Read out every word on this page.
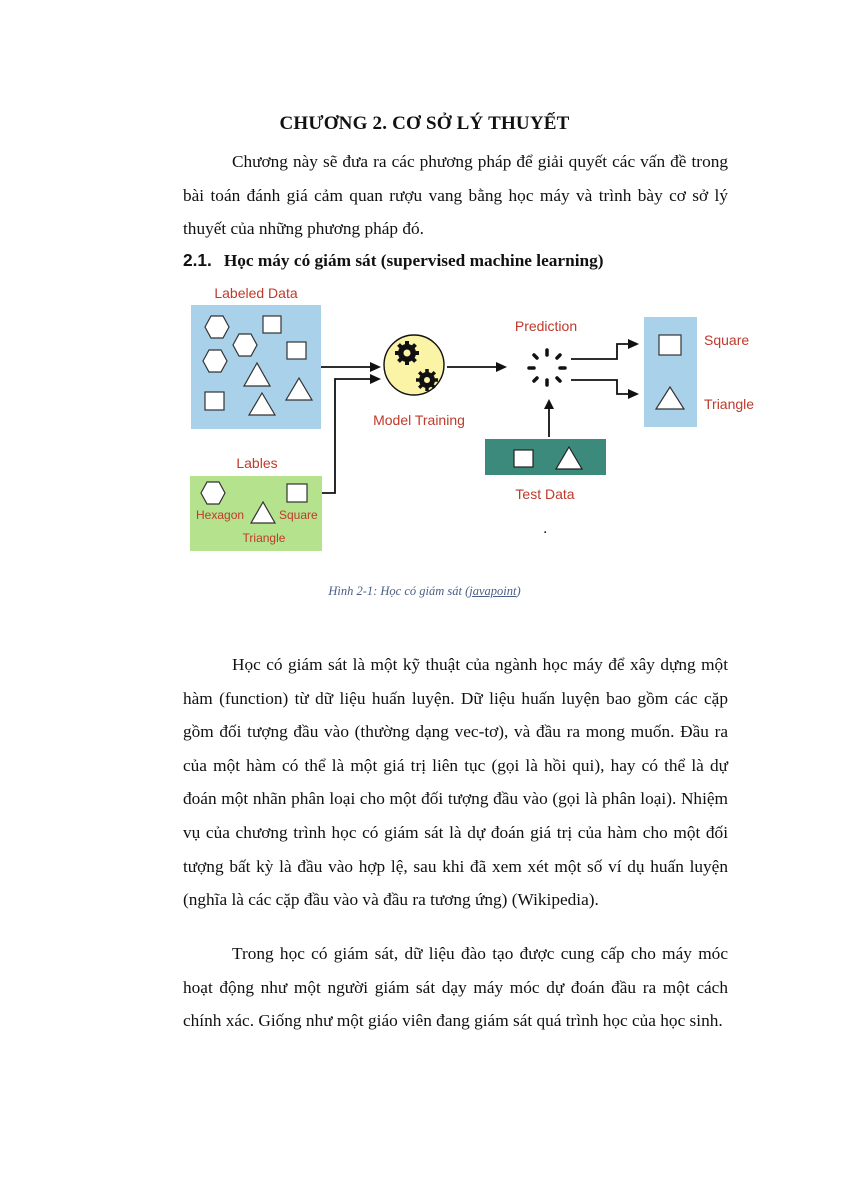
CHƯƠNG 2. CƠ SỞ LÝ THUYẾT

Chương này sẽ đưa ra các phương pháp để giải quyết các vấn đề trong bài toán đánh giá cảm quan rượu vang bằng học máy và trình bày cơ sở lý thuyết của những phương pháp đó.

2.1. Học máy có giám sát (supervised machine learning)
Labeled Data
Lables
Hexagon	Square
Triangle
Model Training
Prediction
Square
Triangle
Test Data
.
Hình 2-1: Học có giám sát (javapoint)

Học có giám sát là một kỹ thuật của ngành học máy để xây dựng một hàm (function) từ dữ liệu huấn luyện. Dữ liệu huấn luyện bao gồm các cặp gồm đối tượng đầu vào (thường dạng vec-tơ), và đầu ra mong muốn. Đầu ra của một hàm có thể là một giá trị liên tục (gọi là hồi qui), hay có thể là dự đoán một nhãn phân loại cho một đối tượng đầu vào (gọi là phân loại). Nhiệm vụ của chương trình học có giám sát là dự đoán giá trị của hàm cho một đối tượng bất kỳ là đầu vào hợp lệ, sau khi đã xem xét một số ví dụ huấn luyện (nghĩa là các cặp đầu vào và đầu ra tương ứng) (Wikipedia).

Trong học có giám sát, dữ liệu đào tạo được cung cấp cho máy móc hoạt động như một người giám sát dạy máy móc dự đoán đầu ra một cách chính xác. Giống như một giáo viên đang giám sát quá trình học của học sinh.
